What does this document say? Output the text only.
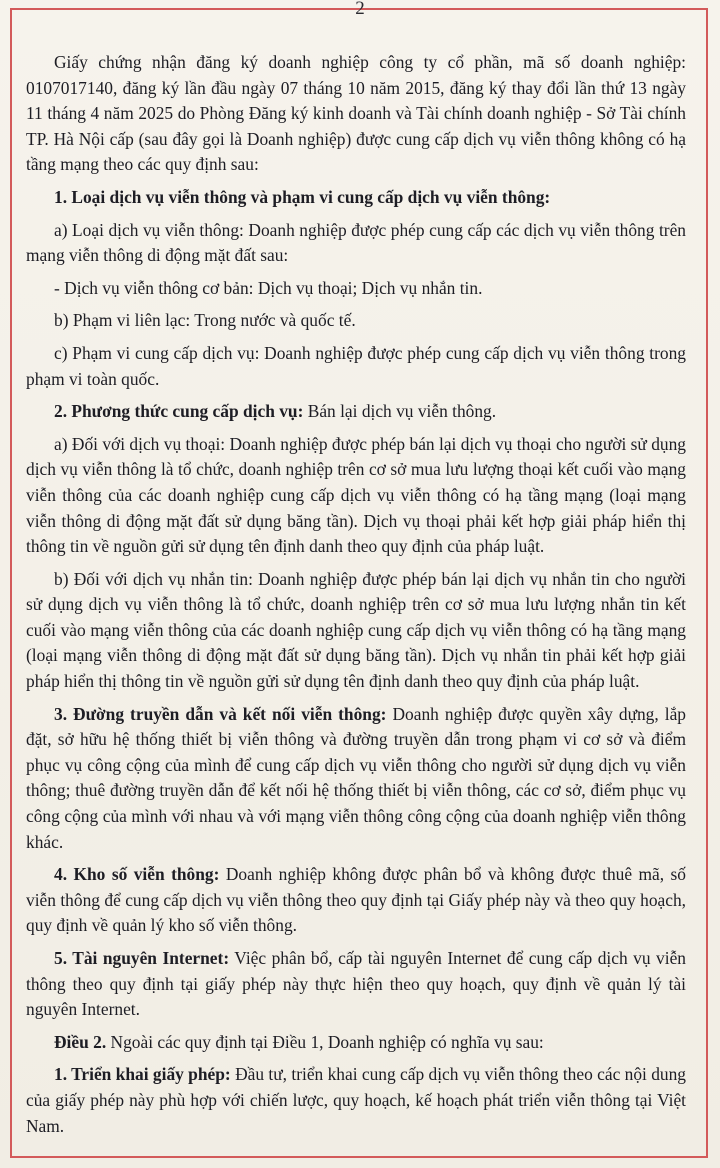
2

Giấy chứng nhận đăng ký doanh nghiệp công ty cổ phần, mã số doanh nghiệp: 0107017140, đăng ký lần đầu ngày 07 tháng 10 năm 2015, đăng ký thay đổi lần thứ 13 ngày 11 tháng 4 năm 2025 do Phòng Đăng ký kinh doanh và Tài chính doanh nghiệp - Sở Tài chính TP. Hà Nội cấp (sau đây gọi là Doanh nghiệp) được cung cấp dịch vụ viễn thông không có hạ tầng mạng theo các quy định sau:

1. Loại dịch vụ viễn thông và phạm vi cung cấp dịch vụ viễn thông:

a) Loại dịch vụ viễn thông: Doanh nghiệp được phép cung cấp các dịch vụ viễn thông trên mạng viễn thông di động mặt đất sau:

- Dịch vụ viễn thông cơ bản: Dịch vụ thoại; Dịch vụ nhắn tin.

b) Phạm vi liên lạc: Trong nước và quốc tế.

c) Phạm vi cung cấp dịch vụ: Doanh nghiệp được phép cung cấp dịch vụ viễn thông trong phạm vi toàn quốc.

2. Phương thức cung cấp dịch vụ: Bán lại dịch vụ viễn thông.

a) Đối với dịch vụ thoại: Doanh nghiệp được phép bán lại dịch vụ thoại cho người sử dụng dịch vụ viễn thông là tổ chức, doanh nghiệp trên cơ sở mua lưu lượng thoại kết cuối vào mạng viễn thông của các doanh nghiệp cung cấp dịch vụ viễn thông có hạ tầng mạng (loại mạng viễn thông di động mặt đất sử dụng băng tần). Dịch vụ thoại phải kết hợp giải pháp hiển thị thông tin về nguồn gửi sử dụng tên định danh theo quy định của pháp luật.

b) Đối với dịch vụ nhắn tin: Doanh nghiệp được phép bán lại dịch vụ nhắn tin cho người sử dụng dịch vụ viễn thông là tổ chức, doanh nghiệp trên cơ sở mua lưu lượng nhắn tin kết cuối vào mạng viễn thông của các doanh nghiệp cung cấp dịch vụ viễn thông có hạ tầng mạng (loại mạng viễn thông di động mặt đất sử dụng băng tần). Dịch vụ nhắn tin phải kết hợp giải pháp hiển thị thông tin về nguồn gửi sử dụng tên định danh theo quy định của pháp luật.

3. Đường truyền dẫn và kết nối viễn thông: Doanh nghiệp được quyền xây dựng, lắp đặt, sở hữu hệ thống thiết bị viễn thông và đường truyền dẫn trong phạm vi cơ sở và điểm phục vụ công cộng của mình để cung cấp dịch vụ viễn thông cho người sử dụng dịch vụ viễn thông; thuê đường truyền dẫn để kết nối hệ thống thiết bị viễn thông, các cơ sở, điểm phục vụ công cộng của mình với nhau và với mạng viễn thông công cộng của doanh nghiệp viễn thông khác.

4. Kho số viễn thông: Doanh nghiệp không được phân bổ và không được thuê mã, số viễn thông để cung cấp dịch vụ viễn thông theo quy định tại Giấy phép này và theo quy hoạch, quy định về quản lý kho số viễn thông.

5. Tài nguyên Internet: Việc phân bổ, cấp tài nguyên Internet để cung cấp dịch vụ viễn thông theo quy định tại giấy phép này thực hiện theo quy hoạch, quy định về quản lý tài nguyên Internet.

Điều 2. Ngoài các quy định tại Điều 1, Doanh nghiệp có nghĩa vụ sau:

1. Triển khai giấy phép: Đầu tư, triển khai cung cấp dịch vụ viễn thông theo các nội dung của giấy phép này phù hợp với chiến lược, quy hoạch, kế hoạch phát triển viễn thông tại Việt Nam.
